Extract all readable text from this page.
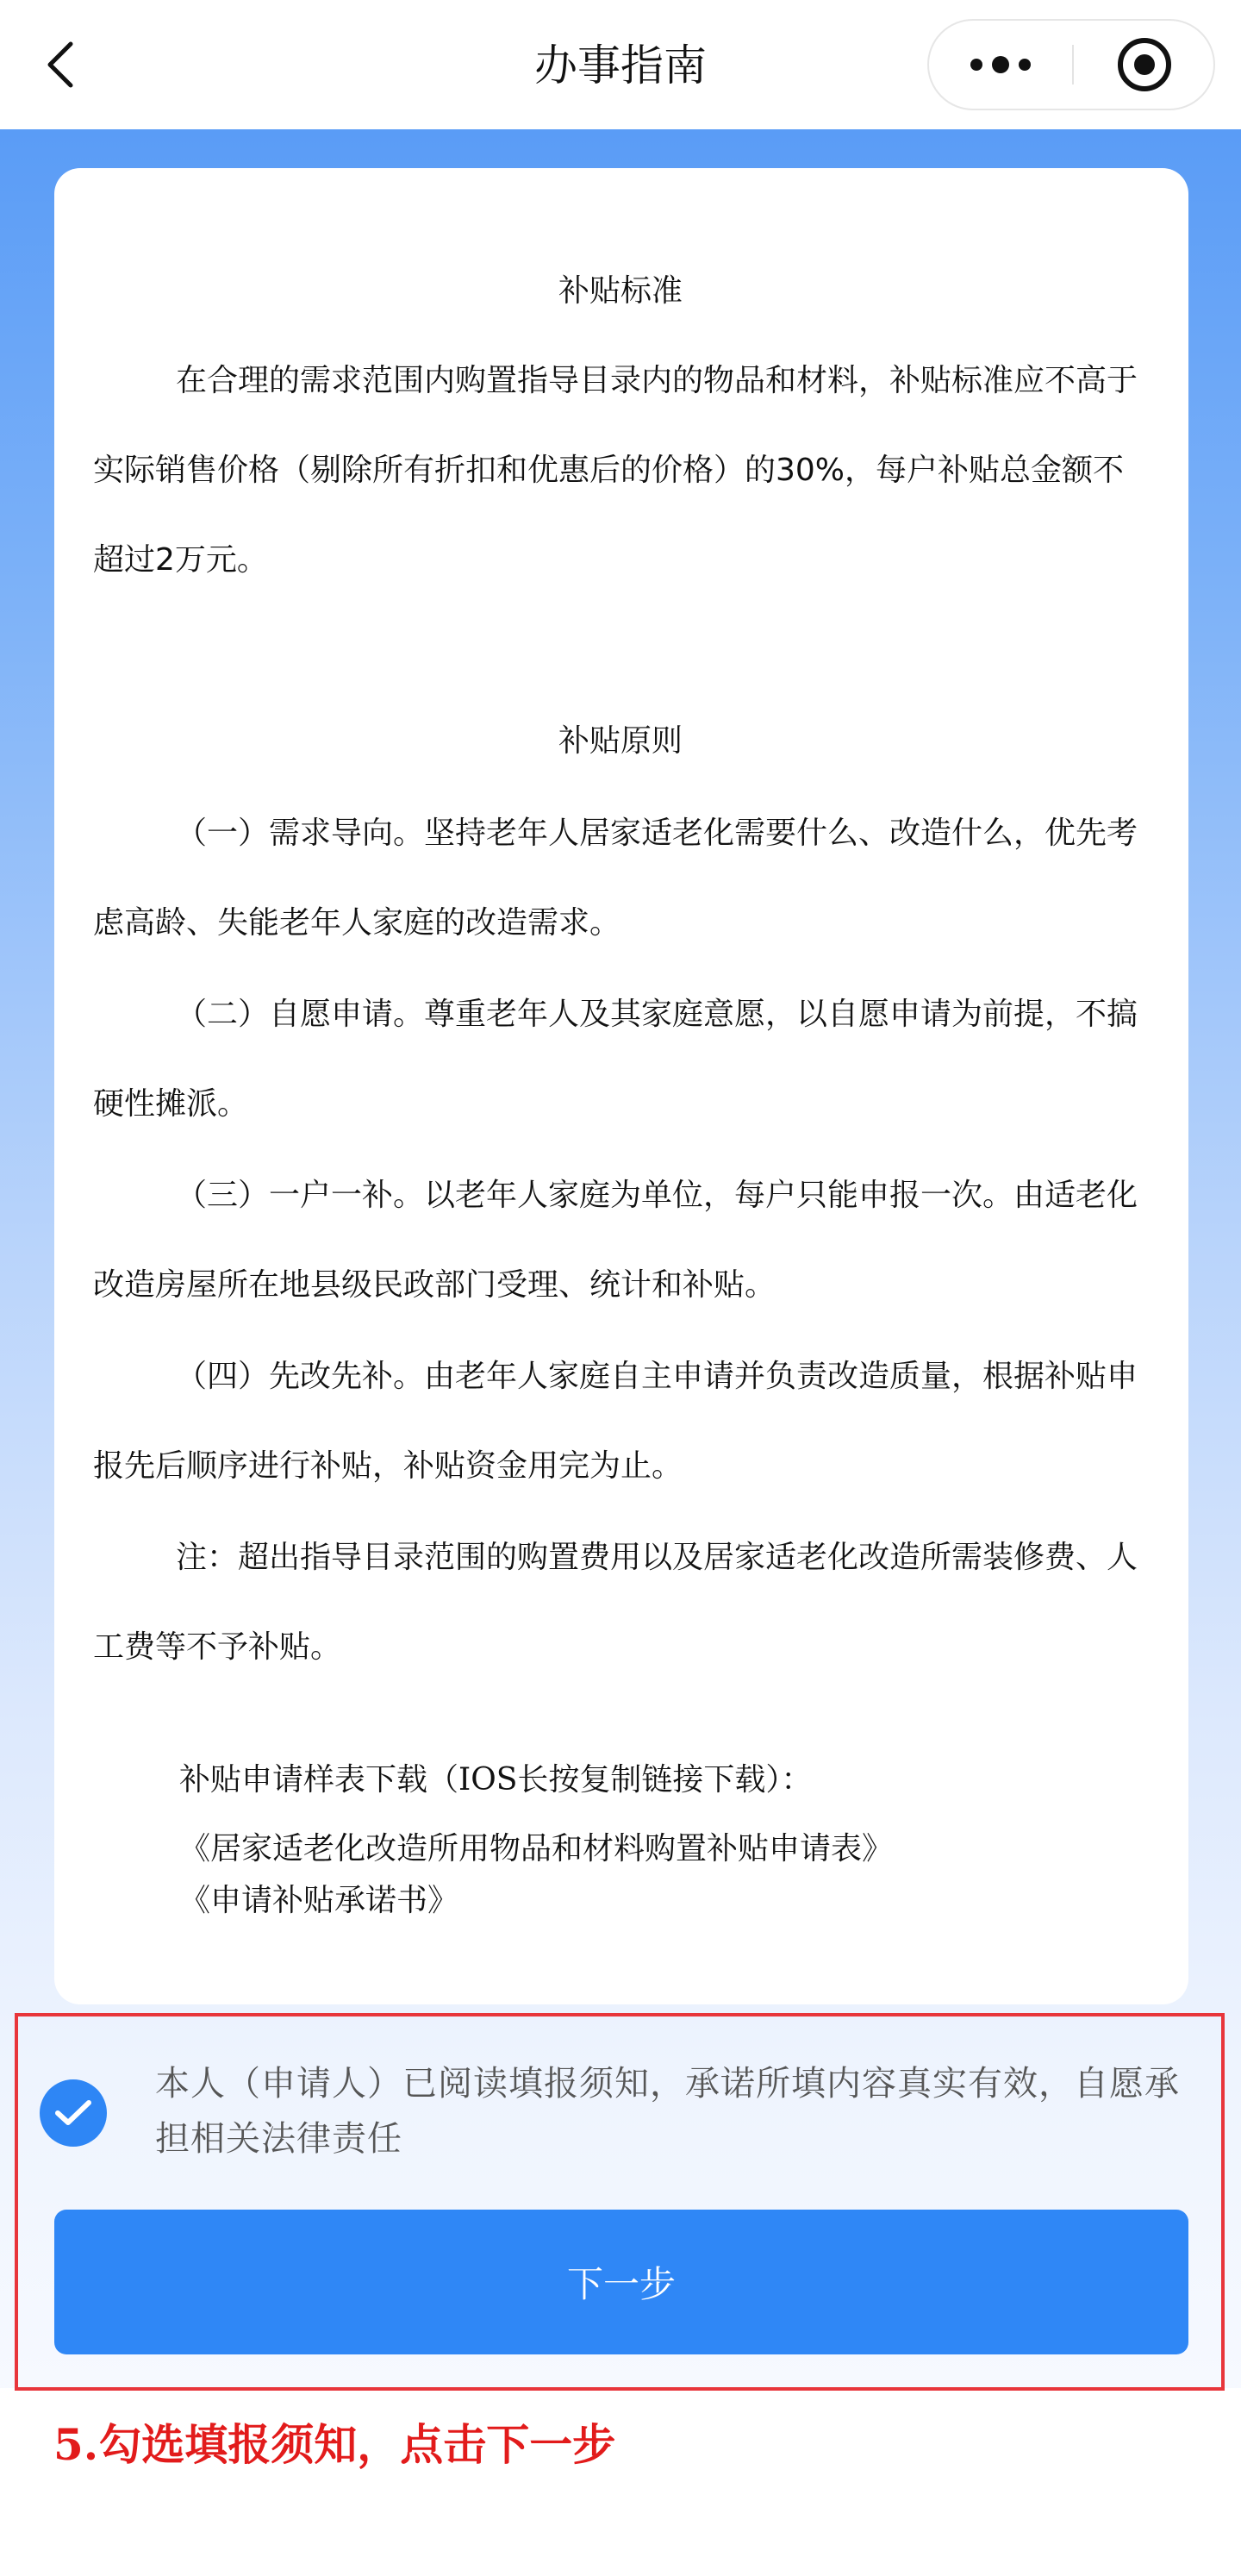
办事指南
补贴标准
在合理的需求范围内购置指导目录内的物品和材料，补贴标准应不高于实际销售价格（剔除所有折扣和优惠后的价格）的30%，每户补贴总金额不超过2万元。
补贴原则
（一）需求导向。坚持老年人居家适老化需要什么、改造什么，优先考虑高龄、失能老年人家庭的改造需求。
（二）自愿申请。尊重老年人及其家庭意愿，以自愿申请为前提，不搞硬性摊派。
（三）一户一补。以老年人家庭为单位，每户只能申报一次。由适老化改造房屋所在地县级民政部门受理、统计和补贴。
（四）先改先补。由老年人家庭自主申请并负责改造质量，根据补贴申报先后顺序进行补贴，补贴资金用完为止。
注：超出指导目录范围的购置费用以及居家适老化改造所需装修费、人工费等不予补贴。
补贴申请样表下载（IOS长按复制链接下载）：
《居家适老化改造所用物品和材料购置补贴申请表》
《申请补贴承诺书》
本人（申请人）已阅读填报须知，承诺所填内容真实有效，自愿承担相关法律责任
下一步
5.勾选填报须知，点击下一步
